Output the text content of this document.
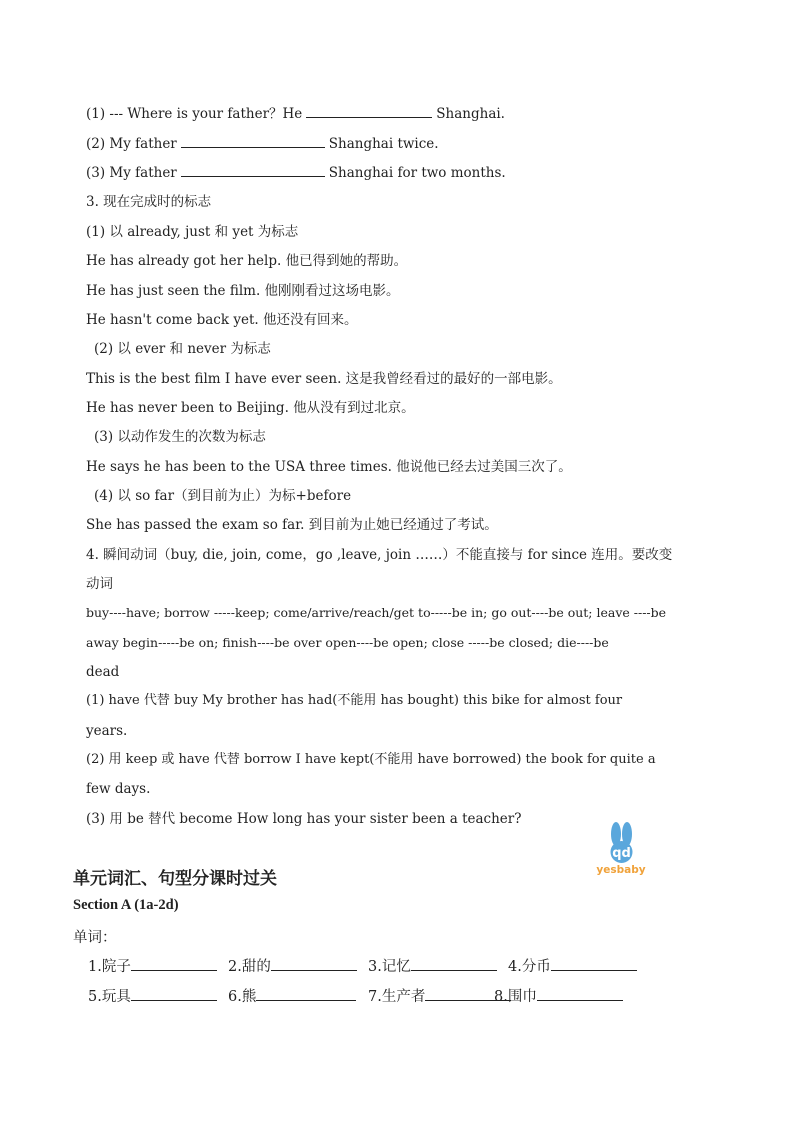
(1) --- Where is your father？He	Shanghai.
(2) My father	Shanghai twice.
(3) My father	Shanghai for two months.
3. 现在完成时的标志
(1) 以 already, just 和 yet 为标志
He has already got her help. 他已得到她的帮助。
He has just seen the film. 他刚刚看过这场电影。
He hasn't come back yet. 他还没有回来。
(2) 以 ever 和 never 为标志
This is the best film I have ever seen. 这是我曾经看过的最好的一部电影。
He has never been to Beijing. 他从没有到过北京。
(3) 以动作发生的次数为标志
He says he has been to the USA three times. 他说他已经去过美国三次了。
(4) 以 so far（到目前为止）为标+before
She has passed the exam so far. 到目前为止她已经通过了考试。
4. 瞬间动词（buy, die, join, come，go ,leave, join ……）不能直接与 for since 连用。要改变
动词
buy----have; borrow -----keep; come/arrive/reach/get to-----be in; go out----be out; leave ----be
away begin-----be on; finish----be over open----be open; close -----be closed; die----be
dead
(1) have 代替 buy My brother has had(不能用 has bought) this bike for almost four
years.
(2) 用 keep 或 have 代替 borrow I have kept(不能用 have borrowed) the book for quite a
few days.
(3) 用 be 替代 become How long has your sister been a teacher?
qd
yesbaby
单元词汇、句型分课时过关
Section A (1a-2d)
单词：
1.院子	2.甜的	3.记忆	4.分币
5.玩具	6.熊	7.生产者	8.围巾
